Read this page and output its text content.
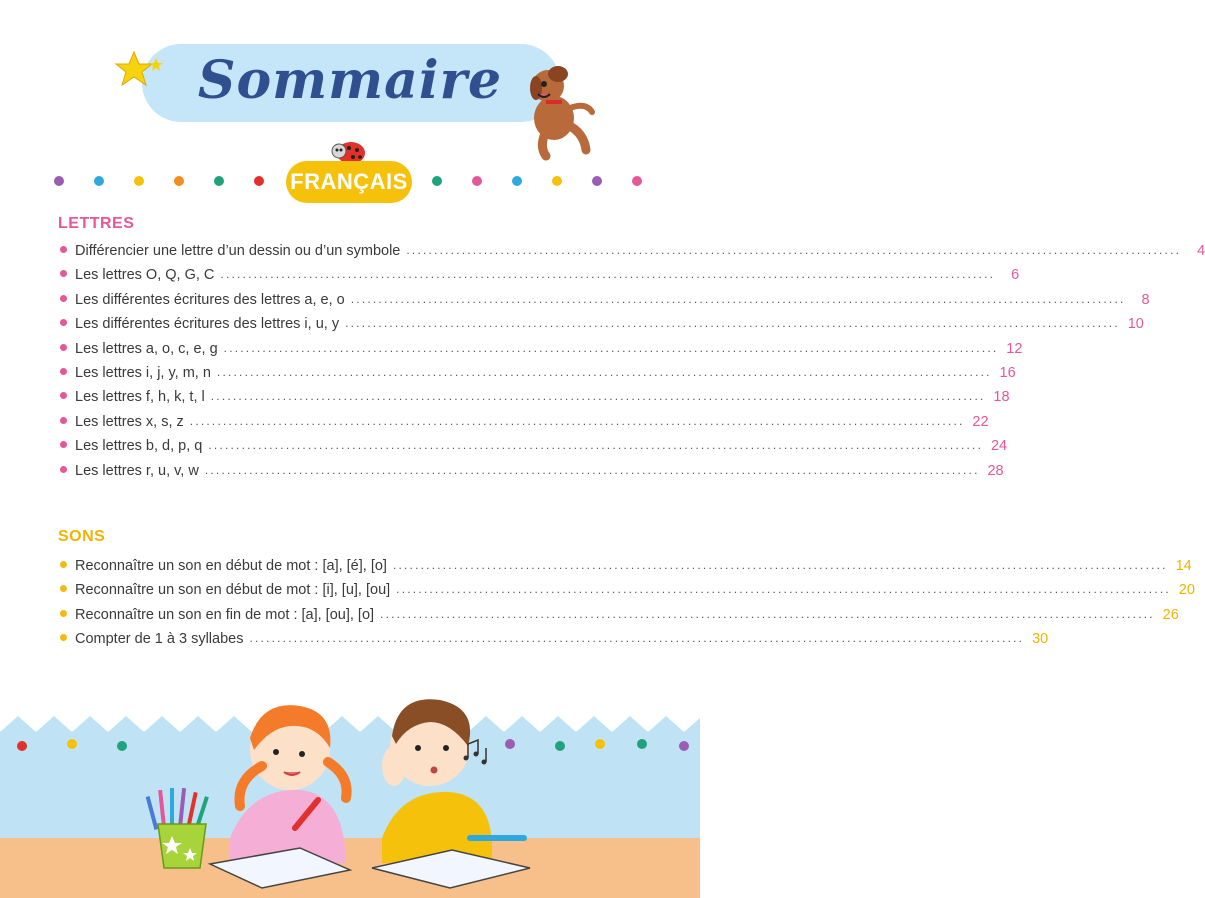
Sommaire
FRANÇAIS
LETTRES
Différencier une lettre d’un dessin ou d’un symbole ............................................................................................................................................	4
Les lettres O, Q, G, C ............................................................................................................................................	6
Les différentes écritures des lettres a, e, o ............................................................................................................................................	8
Les différentes écritures des lettres i, u, y ............................................................................................................................................ 10
Les lettres a, o, c, e, g ............................................................................................................................................ 12
Les lettres i, j, y, m, n ............................................................................................................................................ 16
Les lettres f, h, k, t, l ............................................................................................................................................ 18
Les lettres x, s, z ............................................................................................................................................ 22
Les lettres b, d, p, q ............................................................................................................................................ 24
Les lettres r, u, v, w ............................................................................................................................................ 28
SONS
Reconnaître un son en début de mot : [a], [é], [o] ............................................................................................................................................ 14
Reconnaître un son en début de mot : [i], [u], [ou] ............................................................................................................................................ 20
Reconnaître un son en fin de mot : [a], [ou], [o] ............................................................................................................................................ 26
Compter de 1 à 3 syllabes ............................................................................................................................................ 30
